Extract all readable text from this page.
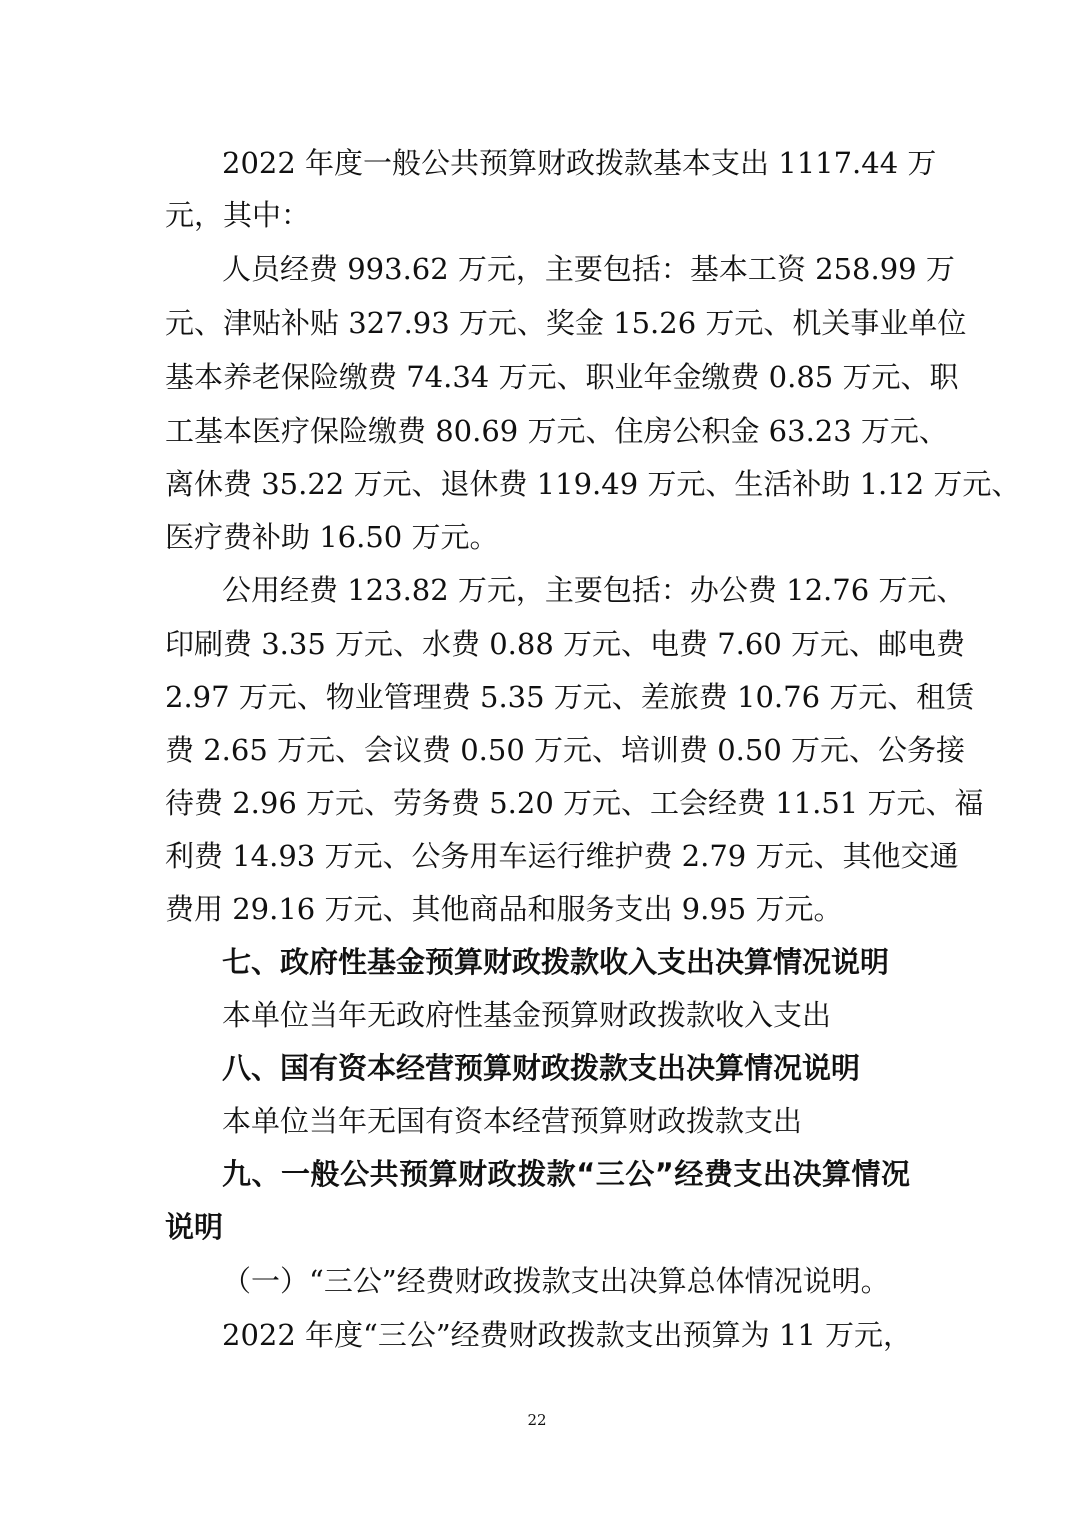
2022 年度一般公共预算财政拨款基本支出 1117.44 万
元，其中：
人员经费 993.62 万元，主要包括：基本工资 258.99 万
元、津贴补贴 327.93 万元、奖金 15.26 万元、机关事业单位
基本养老保险缴费 74.34 万元、职业年金缴费 0.85 万元、职
工基本医疗保险缴费 80.69 万元、住房公积金 63.23 万元、
离休费 35.22 万元、退休费 119.49 万元、生活补助 1.12 万元、
医疗费补助 16.50 万元。
公用经费 123.82 万元，主要包括：办公费 12.76 万元、
印刷费 3.35 万元、水费 0.88 万元、电费 7.60 万元、邮电费
2.97 万元、物业管理费 5.35 万元、差旅费 10.76 万元、租赁
费 2.65 万元、会议费 0.50 万元、培训费 0.50 万元、公务接
待费 2.96 万元、劳务费 5.20 万元、工会经费 11.51 万元、福
利费 14.93 万元、公务用车运行维护费 2.79 万元、其他交通
费用 29.16 万元、其他商品和服务支出 9.95 万元。
七、政府性基金预算财政拨款收入支出决算情况说明
本单位当年无政府性基金预算财政拨款收入支出
八、国有资本经营预算财政拨款支出决算情况说明
本单位当年无国有资本经营预算财政拨款支出
九、一般公共预算财政拨款“三公”经费支出决算情况
说明
（一）“三公”经费财政拨款支出决算总体情况说明。
2022 年度“三公”经费财政拨款支出预算为 11 万元，
22
